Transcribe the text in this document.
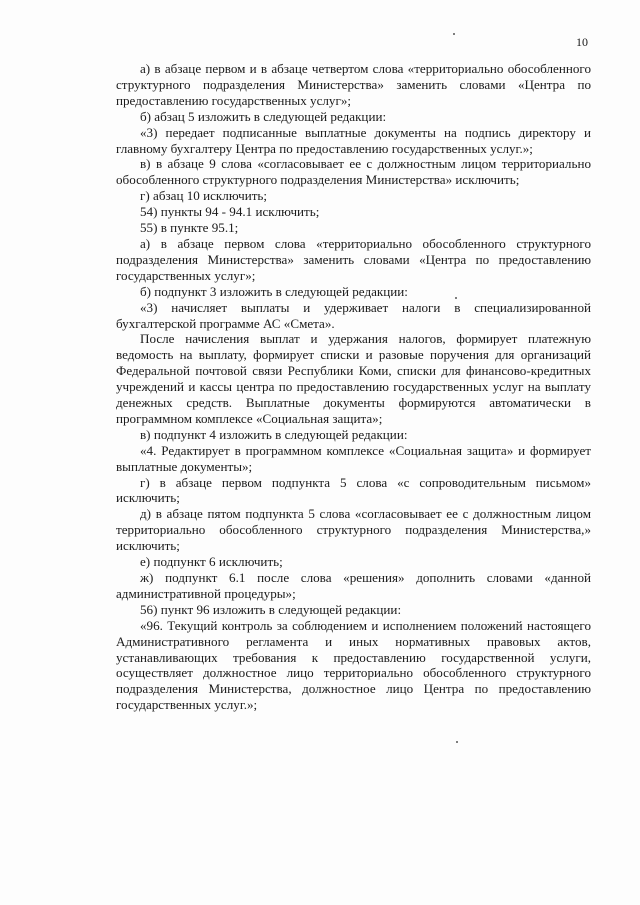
10

а) в абзаце первом и в абзаце четвертом слова «территориально обособленного структурного подразделения Министерства» заменить словами «Центра по предоставлению государственных услуг»;

б) абзац 5 изложить в следующей редакции:

«3) передает подписанные выплатные документы на подпись директору и главному бухгалтеру Центра по предоставлению государственных услуг.»;

в) в абзаце 9 слова «согласовывает ее с должностным лицом территориально обособленного структурного подразделения Министерства» исключить;

г) абзац 10 исключить;

54) пункты 94 - 94.1 исключить;

55) в пункте 95.1;

а) в абзаце первом слова «территориально обособленного структурного подразделения Министерства» заменить словами «Центра по предоставлению государственных услуг»;

б) подпункт 3 изложить в следующей редакции:

«3) начисляет выплаты и удерживает налоги в специализированной бухгалтерской программе АС «Смета».

После начисления выплат и удержания налогов, формирует платежную ведомость на выплату, формирует списки и разовые поручения для организаций Федеральной почтовой связи Республики Коми, списки для финансово-кредитных учреждений и кассы центра по предоставлению государственных услуг на выплату денежных средств. Выплатные документы формируются автоматически в программном комплексе «Социальная защита»;

в) подпункт 4 изложить в следующей редакции:

«4. Редактирует в программном комплексе «Социальная защита» и формирует выплатные документы»;

г) в абзаце первом подпункта 5 слова «с сопроводительным письмом» исключить;

д) в абзаце пятом подпункта 5 слова «согласовывает ее с должностным лицом территориально обособленного структурного подразделения Министерства,» исключить;

е) подпункт 6 исключить;

ж) подпункт 6.1 после слова «решения» дополнить словами «данной административной процедуры»;

56) пункт 96 изложить в следующей редакции:

«96. Текущий контроль за соблюдением и исполнением положений настоящего Административного регламента и иных нормативных правовых актов, устанавливающих требования к предоставлению государственной услуги, осуществляет должностное лицо территориально обособленного структурного подразделения Министерства, должностное лицо Центра по предоставлению государственных услуг.»;
